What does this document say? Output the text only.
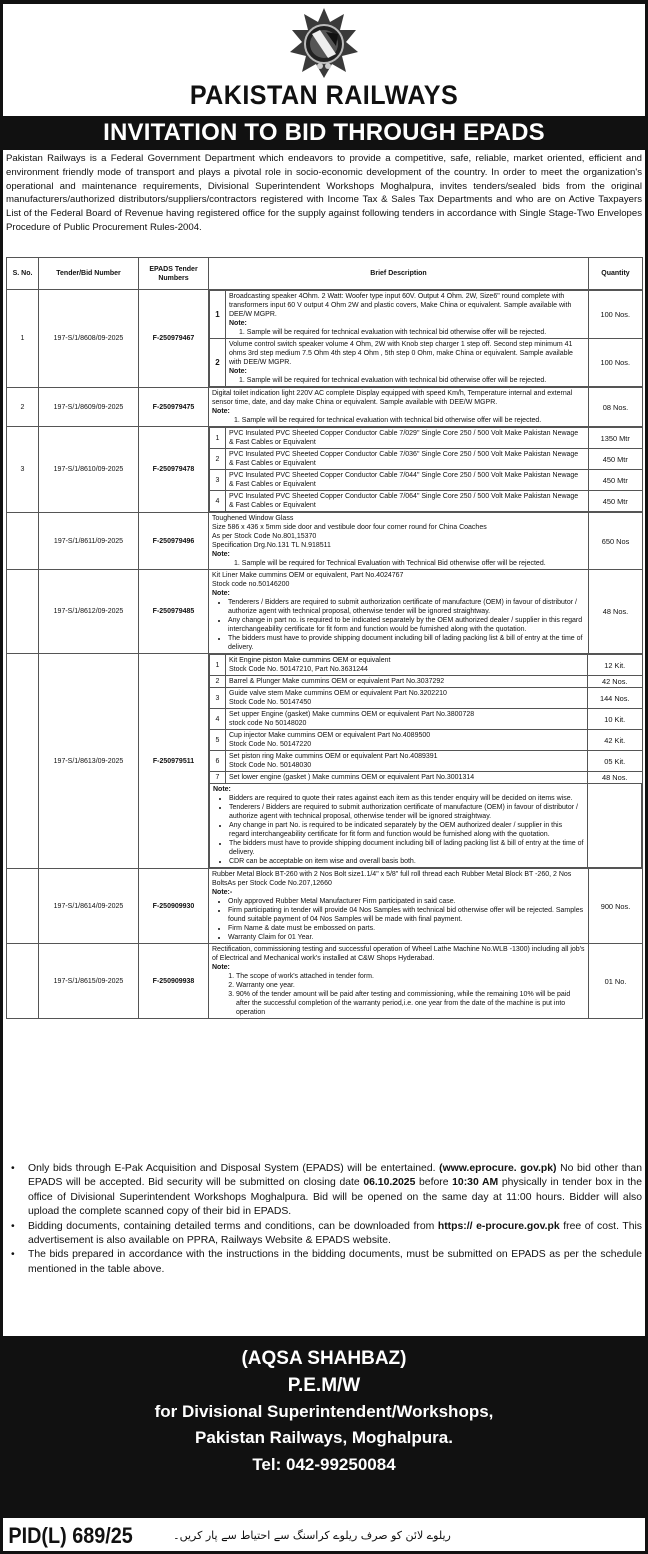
PAKISTAN RAILWAYS
INVITATION TO BID THROUGH EPADS

Pakistan Railways is a Federal Government Department which endeavors to provide a competitive, safe, reliable, market oriented, efficient and environment friendly mode of transport and plays a pivotal role in socio-economic development of the country. In order to meet the organization's operational and maintenance requirements, Divisional Superintendent Workshops Moghalpura, invites tenders/sealed bids from the original manufacturers/authorized distributors/suppliers/contractors registered with Income Tax & Sales Tax Departments and who are on Active Taxpayers List of the Federal Board of Revenue having registered office for the supply against following tenders in accordance with Single Stage-Two Envelopes Procedure of Public Procurement Rules-2004.

S. No.	Tender/Bid Number	EPADS Tender Numbers	Brief Description	Quantity
1	197-S/1/8608/09-2025	F-250979467	
1	
Broadcasting speaker 4Ohm. 2 Watt: Woofer type input 60V. Output 4 Ohm. 2W, Size6" round complete with transformers input 60 V output 4 Ohm 2W and plastic covers, Make China or equivalent. Sample available with DEE/W MGPR.
Note:
1. Sample will be required for technical evaluation with technical bid otherwise offer will be rejected.
	100 Nos.
2	
Volume control switch speaker volume 4 Ohm, 2W with Knob step charger 1 step off. Second step minimum 41 ohms 3rd step medium 7.5 Ohm 4th step 4 Ohm , 5th step 0 Ohm, make China or equivalent. Sample available with DEE/W MGPR.
Note:
1. Sample will be required for technical evaluation with technical bid otherwise offer will be rejected.
	100 Nos.

2	197-S/1/8609/09-2025	F-250979475	
Digital toilet indication light 220V AC complete Display equipped with speed Km/h, Temperature internal and external sensor time, date, and day make China or equivalent. Sample available with DEE/W MGPR.
Note:
1. Sample will be required for technical evaluation with technical bid otherwise offer will be rejected.
	08 Nos.
3	197-S/1/8610/09-2025	F-250979478	
1	
PVC Insulated PVC Sheeted Copper Conductor Cable 7/029" Single Core 250 / 500 Volt Make Pakistan Newage & Fast Cables or Equivalent	1350 Mtr
2	
PVC Insulated PVC Sheeted Copper Conductor Cable 7/036" Single Core 250 / 500 Volt Make Pakistan Newage & Fast Cables or Equivalent	450 Mtr
3	
PVC Insulated PVC Sheeted Copper Conductor Cable 7/044" Single Core 250 / 500 Volt Make Pakistan Newage & Fast Cables or Equivalent	450 Mtr
4	
PVC Insulated PVC Sheeted Copper Conductor Cable 7/064" Single Core 250 / 500 Volt Make Pakistan Newage & Fast Cables or Equivalent	450 Mtr

	197-S/1/8611/09-2025	F-250979496	
Toughened Window Glass
Size 586 x 436 x 5mm side door and vestibule door four corner round for China Coaches
As per Stock Code No.801,15370
Specification Drg.No.131 TL N.918511
Note:
1. Sample will be required for Technical Evaluation with Technical Bid otherwise offer will be rejected.
	650 Nos
	197-S/1/8612/09-2025	F-250979485	
Kit Liner Make cummins OEM or equivalent, Part No.4024767
Stock code no.50146200
Note:
• Tenderers / Bidders are required to submit authorization certificate of manufacture (OEM) in favour of distributor / authorize agent with technical proposal, otherwise tender will be ignored straightway.
• Any change in part no. is required to be indicated separately by the OEM authorized dealer / supplier in this regard interchangeability certificate for fit form and function would be furnished along with the quotation.
• The bidders must have to provide shipping document including bill of lading packing list & bill of entry at the time of delivery.
	48 Nos.
	197-S/1/8613/09-2025	F-250979511	
1	
Kit Engine piston Make cummins OEM or equivalent
Stock Code No. 50147210, Part No.3631244	12 Kit.
2	Barrel & Plunger Make cummins OEM or equivalent Part No.3037292	42 Nos.
3	
Guide valve stem Make cummins OEM or equivalent Part No.3202210
Stock Code No. 50147450	144 Nos.
4	
Set upper Engine (gasket) Make cummins OEM or equivalent Part No.3800728
stock code No 50148020	10 Kit.
5	
Cup injector Make cummins OEM or equivalent Part No.4089500
Stock Code No. 50147220	42 Kit.
6	
Set piston ring Make cummins OEM or equivalent Part No.4089391
Stock Code No. 50148030	05 Kit.
7	Set lower engine (gasket ) Make cummins OEM or equivalent Part No.3001314	48 Nos.

Note:
• Bidders are required to quote their rates against each item as this tender enquiry will be decided on items wise.
• Tenderers / Bidders are required to submit authorization certificate of manufacture (OEM) in favour of distributor / authorize agent with technical proposal, otherwise tender will be ignored straightway.
• Any change in part No. is required to be indicated separately by the OEM authorized dealer / supplier in this regard interchangeability certificate for fit form and function would be furnished along with the quotation.
• The bidders must have to provide shipping document including bill of lading packing list & bill of entry at the time of delivery.
• CDR can be acceptable on item wise and overall basis both.

	197-S/1/8614/09-2025	F-250909930	
Rubber Metal Block BT-260 with 2 Nos Bolt size1.1/4" x 5/8" full roll thread each Rubber Metal Block BT -260, 2 Nos BoltsAs per Stock Code No.207,12660
Note:-
• Only approved Rubber Metal Manufacturer Firm participated in said case.
• Firm participating in tender will provide 04 Nos Samples with technical bid otherwise offer will be rejected. Samples found suitable payment of 04 Nos Samples will be made with final payment.
• Firm Name & date must be embossed on parts.
• Warranty Claim for 01 Year.
	900 Nos.
	197-S/1/8615/09-2025	F-250909938	
Rectification, commissioning testing and successful operation of Wheel Lathe Machine No.WLB -1300) including all job's of Electrical and Mechanical work's installed at C&W Shops Hyderabad.
Note:
1. The scope of work's attached in tender form.
2. Warranty one year.
3. 90% of the tender amount will be paid after testing and commissioning, while the remaining 10% will be paid after the successful completion of the warranty period,i.e. one year from the date of the machine is put into operation
	01 No.
• Only bids through E-Pak Acquisition and Disposal System (EPADS) will be entertained. (www.eprocure. gov.pk) No bid other than EPADS will be accepted. Bid security will be submitted on closing date 06.10.2025 before 10:30 AM physically in tender box in the office of Divisional Superintendent Workshops Moghalpura. Bid will be opened on the same day at 11:00 hours. Bidder will also upload the complete scanned copy of their bid in EPADS.
• Bidding documents, containing detailed terms and conditions, can be downloaded from https:// e-procure.gov.pk free of cost. This advertisement is also available on PPRA, Railways Website & EPADS website.
• The bids prepared in accordance with the instructions in the bidding documents, must be submitted on EPADS as per the schedule mentioned in the table above.
(AQSA SHAHBAZ)
P.E.M/W
for Divisional Superintendent/Workshops,
Pakistan Railways, Moghalpura.
Tel: 042-99250084
PID(L) 689/25	ریلوے لائن کو صرف ریلوے کراسنگ سے احتیاط سے پار کریں۔
